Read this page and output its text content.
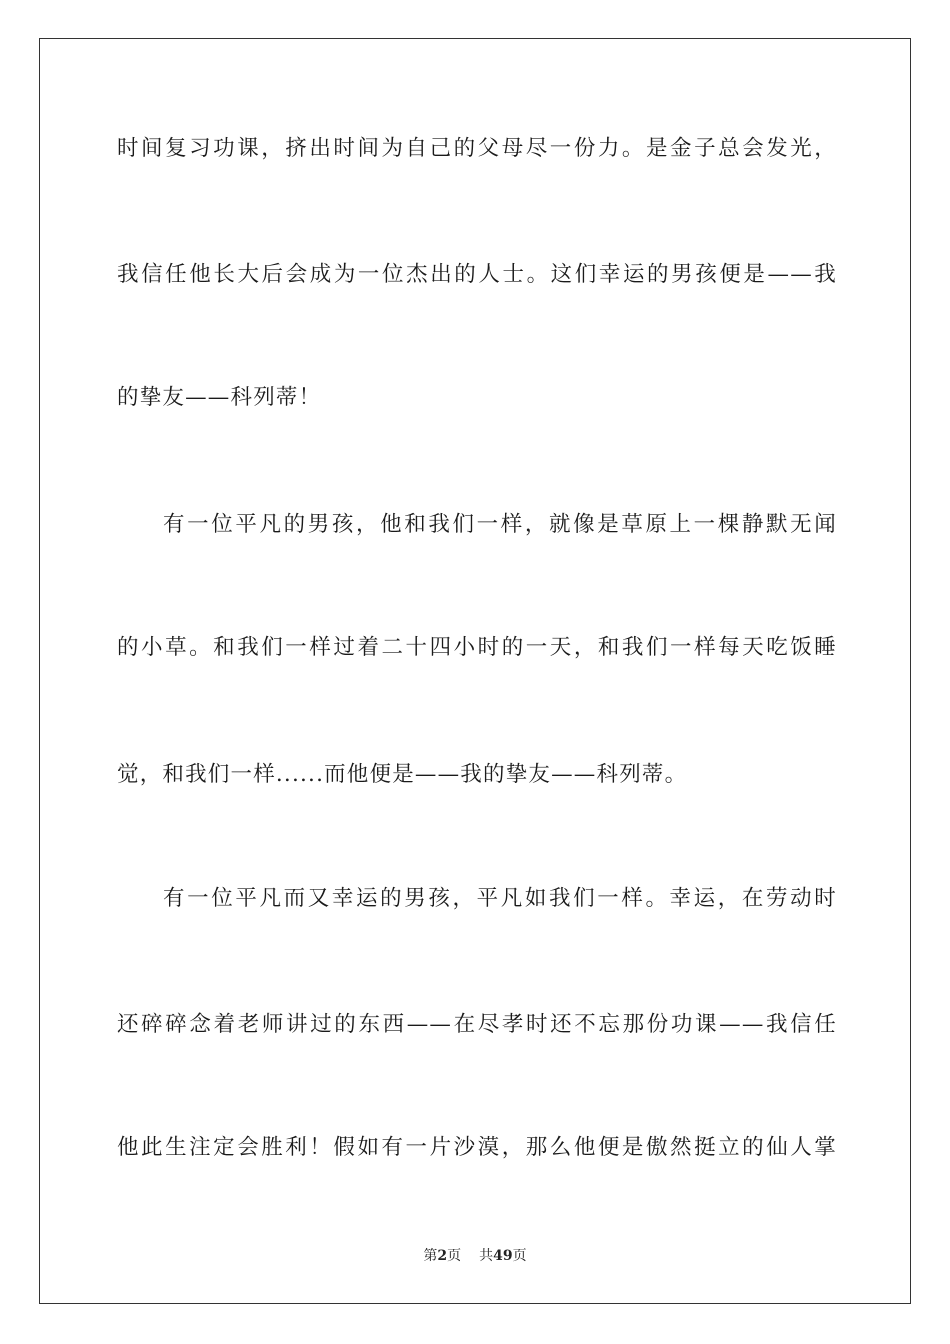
时间复习功课，挤出时间为自己的父母尽一份力。是金子总会发光，
我信任他长大后会成为一位杰出的人士。这们幸运的男孩便是——我
的挚友——科列蒂！
有一位平凡的男孩，他和我们一样，就像是草原上一棵静默无闻
的小草。和我们一样过着二十四小时的一天，和我们一样每天吃饭睡
觉，和我们一样......而他便是——我的挚友——科列蒂。
有一位平凡而又幸运的男孩，平凡如我们一样。幸运，在劳动时
还碎碎念着老师讲过的东西——在尽孝时还不忘那份功课——我信任
他此生注定会胜利！假如有一片沙漠，那么他便是傲然挺立的仙人掌
第2页 共49页
